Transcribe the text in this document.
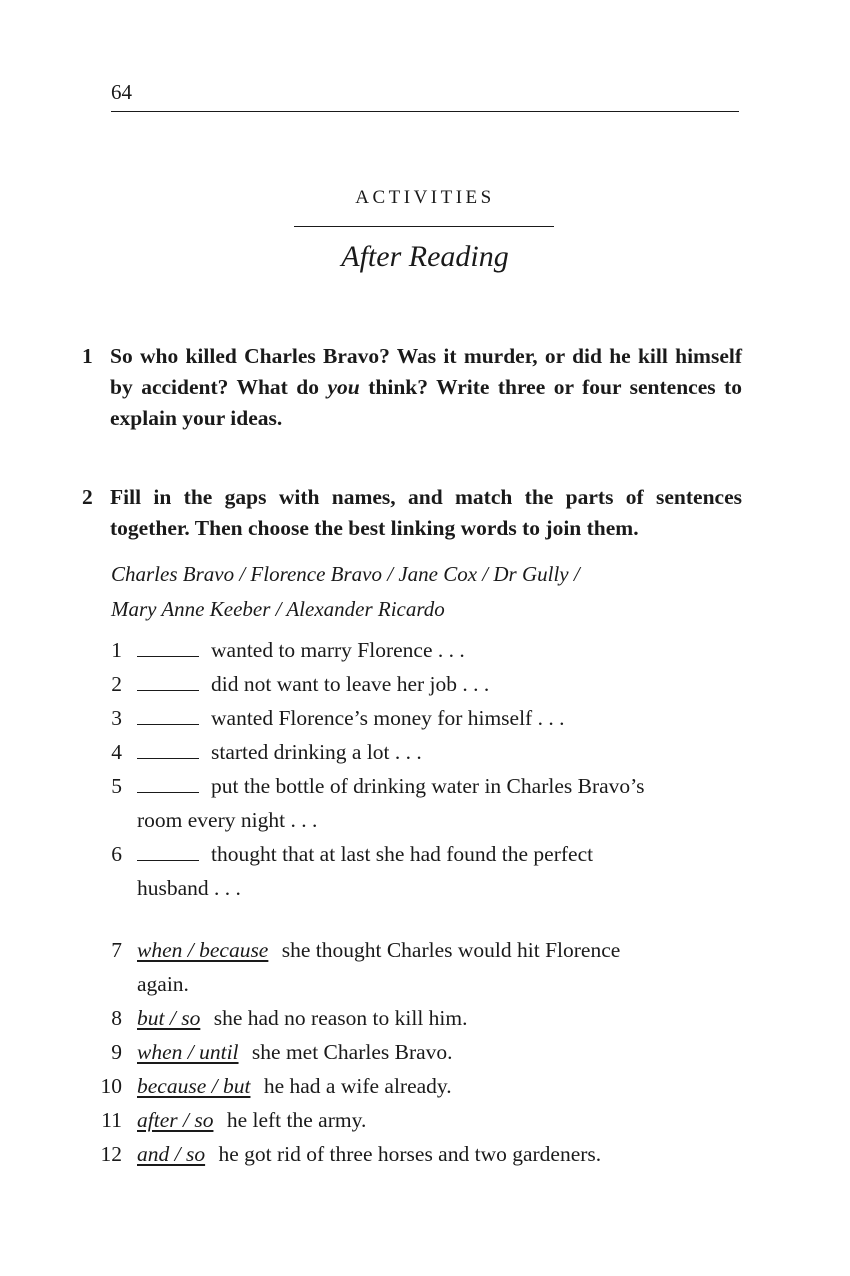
64
ACTIVITIES
After Reading
1 So who killed Charles Bravo? Was it murder, or did he kill himself by accident? What do you think? Write three or four sentences to explain your ideas.
2 Fill in the gaps with names, and match the parts of sentences together. Then choose the best linking words to join them.
Charles Bravo / Florence Bravo / Jane Cox / Dr Gully /
Mary Anne Keeber / Alexander Ricardo
1	wanted to marry Florence . . .
2	did not want to leave her job . . .
3	wanted Florence’s money for himself . . .
4	started drinking a lot . . .
5	put the bottle of drinking water in Charles Bravo’s
room every night . . .
6	thought that at last she had found the perfect
husband . . .
7 when / because she thought Charles would hit Florence
again.
8 but / so she had no reason to kill him.
9 when / until she met Charles Bravo.
10 because / but he had a wife already.
11 after / so he left the army.
12 and / so he got rid of three horses and two gardeners.
